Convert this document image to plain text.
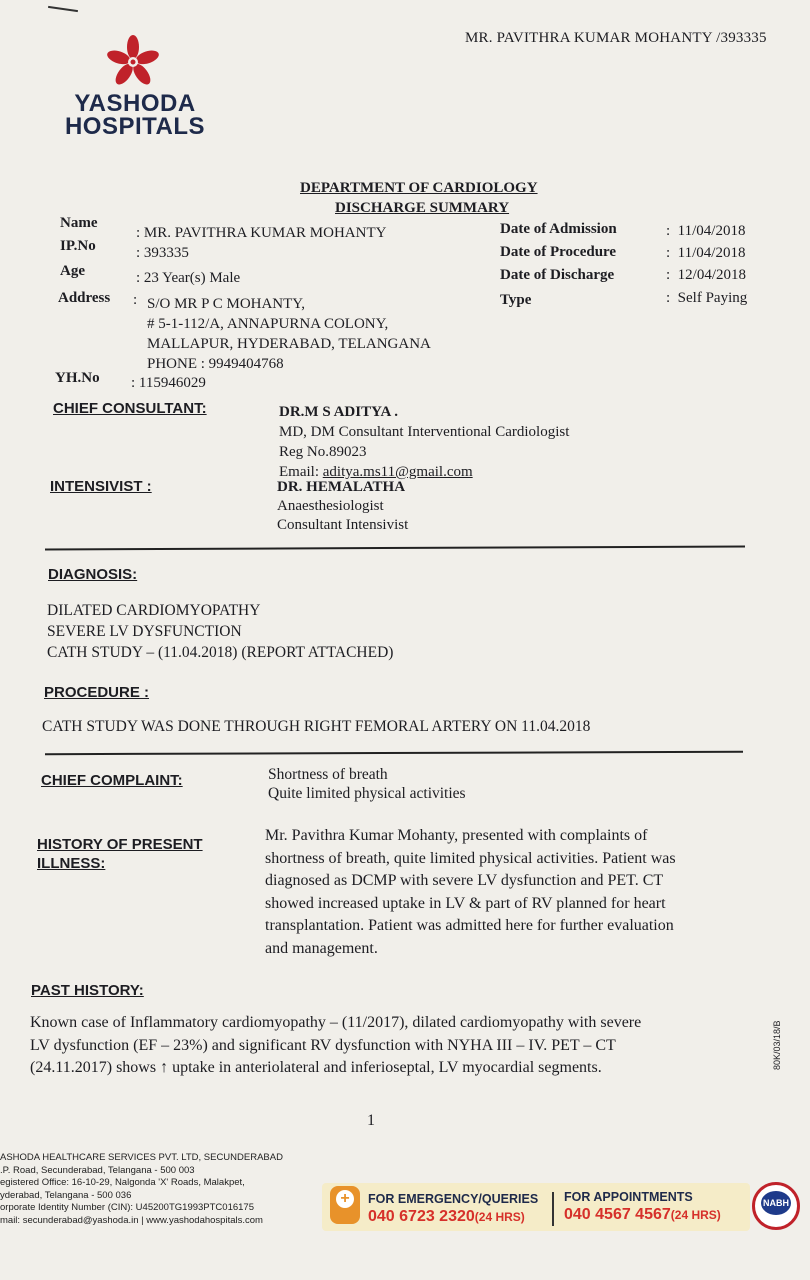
MR. PAVITHRA KUMAR MOHANTY /393335
YASHODA
HOSPITALS
DEPARTMENT OF CARDIOLOGY
DISCHARGE SUMMARY
Name
: MR. PAVITHRA KUMAR MOHANTY
IP.No	: 393335
Age	: 23 Year(s) Male
Address : S/O MR P C MOHANTY,
# 5-1-112/A, ANNAPURNA COLONY,
MALLAPUR, HYDERABAD, TELANGANA
PHONE : 9949404768
YH.No : 115946029
Date of Admission	:  11/04/2018
Date of Procedure	:  11/04/2018
Date of Discharge	:  12/04/2018
Type	:  Self Paying
CHIEF CONSULTANT:	DR.M S ADITYA .
MD, DM Consultant Interventional Cardiologist
Reg No.89023
Email: aditya.ms11@gmail.com
INTENSIVIST :	DR. HEMALATHA
Anaesthesiologist
Consultant Intensivist
DIAGNOSIS:
DILATED CARDIOMYOPATHY
SEVERE LV DYSFUNCTION
CATH STUDY – (11.04.2018) (REPORT ATTACHED)
PROCEDURE :
CATH STUDY WAS DONE THROUGH RIGHT FEMORAL ARTERY ON 11.04.2018
CHIEF COMPLAINT:	Shortness of breath
Quite limited physical activities
HISTORY OF PRESENT
ILLNESS:
Mr. Pavithra Kumar Mohanty, presented with complaints of
shortness of breath, quite limited physical activities. Patient was
diagnosed as DCMP with severe LV dysfunction and PET. CT
showed increased uptake in LV & part of RV planned for heart
transplantation. Patient was admitted here for further evaluation
and management.
PAST HISTORY:
Known case of Inflammatory cardiomyopathy – (11/2017), dilated cardiomyopathy with severe
LV dysfunction (EF – 23%) and significant RV dysfunction with NYHA III – IV. PET – CT
(24.11.2017) shows ↑ uptake in anteriolateral and inferioseptal, LV myocardial segments.
1
80K/03/18/B
ASHODA HEALTHCARE SERVICES PVT. LTD, SECUNDERABAD
.P. Road, Secunderabad, Telangana - 500 003
egistered Office: 16-10-29, Nalgonda 'X' Roads, Malakpet,
yderabad, Telangana - 500 036
orporate Identity Number (CIN): U45200TG1993PTC016175
mail: secunderabad@yashoda.in | www.yashodahospitals.com
+	FOR EMERGENCY/QUERIES
040 6723 2320(24 HRS)
FOR APPOINTMENTS
040 4567 4567(24 HRS)
NABH
